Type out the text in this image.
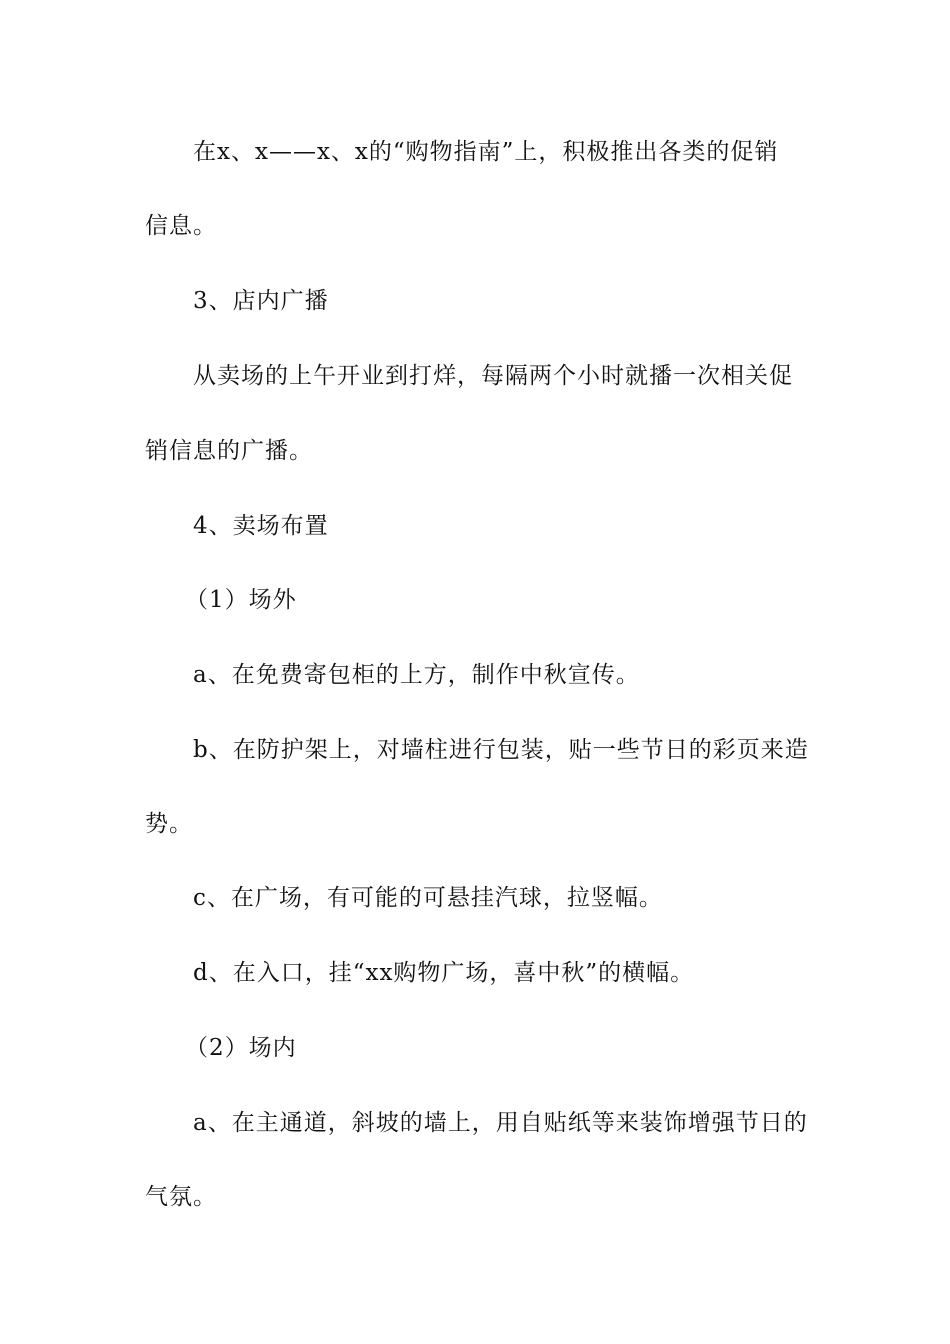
在x、x——x、x的“购物指南”上，积极推出各类的促销
信息。
3、店内广播
从卖场的上午开业到打烊，每隔两个小时就播一次相关促
销信息的广播。
4、卖场布置
（1）场外
a、在免费寄包柜的上方，制作中秋宣传。
b、在防护架上，对墙柱进行包装，贴一些节日的彩页来造
势。
c、在广场，有可能的可悬挂汽球，拉竖幅。
d、在入口，挂“xx购物广场，喜中秋”的横幅。
（2）场内
a、在主通道，斜坡的墙上，用自贴纸等来装饰增强节日的
气氛。
